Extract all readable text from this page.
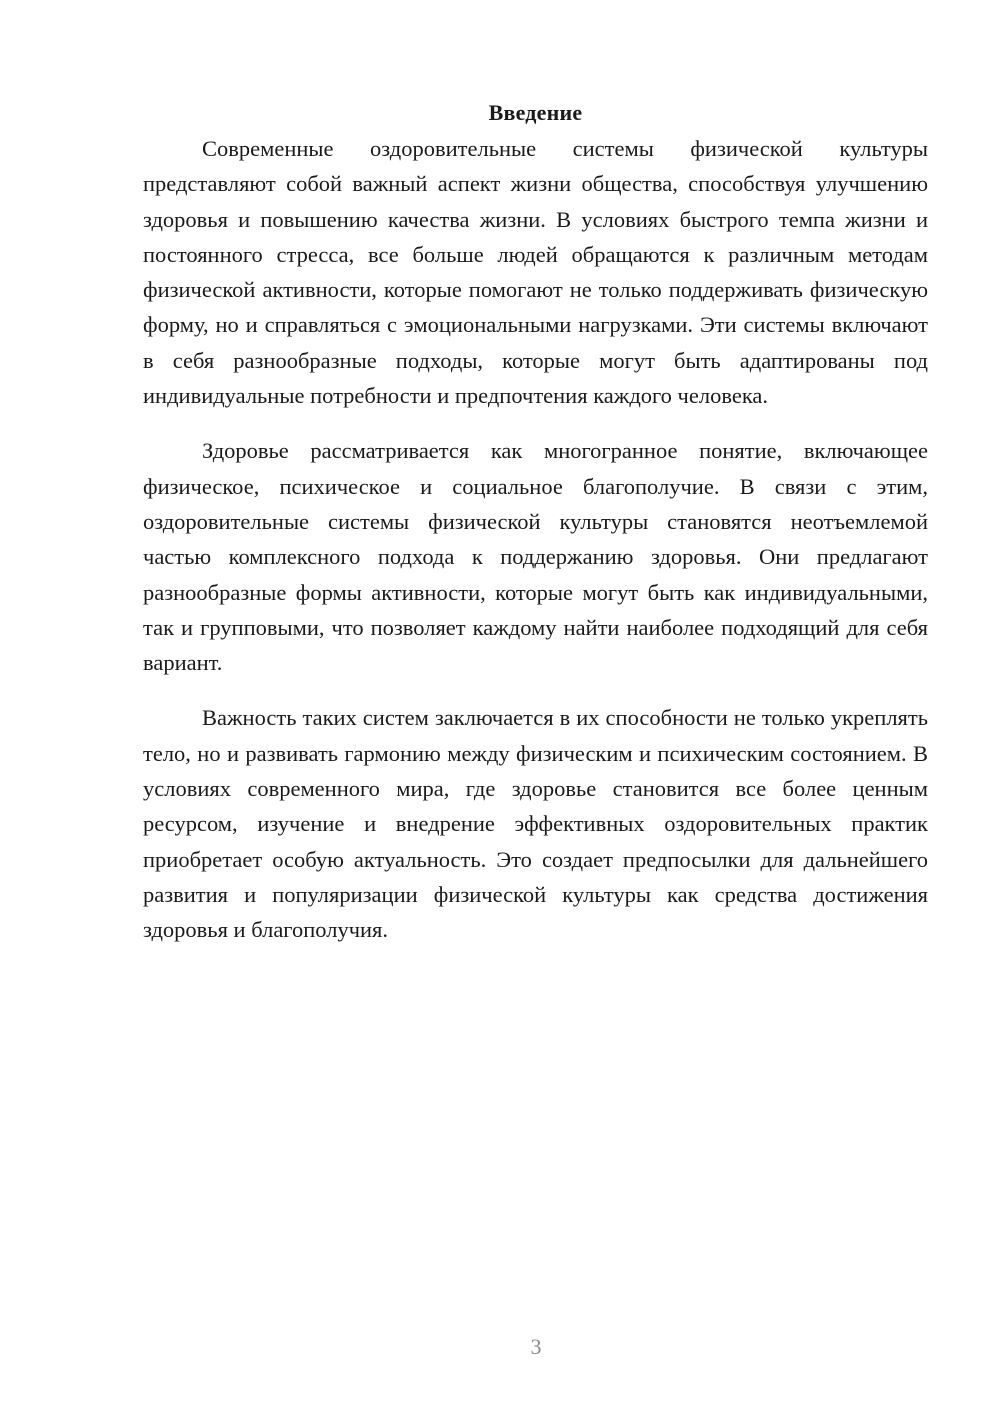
Введение

Современные оздоровительные системы физической культуры представляют собой важный аспект жизни общества, способствуя улучшению здоровья и повышению качества жизни. В условиях быстрого темпа жизни и постоянного стресса, все больше людей обращаются к различным методам физической активности, которые помогают не только поддерживать физическую форму, но и справляться с эмоциональными нагрузками. Эти системы включают в себя разнообразные подходы, которые могут быть адаптированы под индивидуальные потребности и предпочтения каждого человека.

Здоровье рассматривается как многогранное понятие, включающее физическое, психическое и социальное благополучие. В связи с этим, оздоровительные системы физической культуры становятся неотъемлемой частью комплексного подхода к поддержанию здоровья. Они предлагают разнообразные формы активности, которые могут быть как индивидуальными, так и групповыми, что позволяет каждому найти наиболее подходящий для себя вариант.

Важность таких систем заключается в их способности не только укреплять тело, но и развивать гармонию между физическим и психическим состоянием. В условиях современного мира, где здоровье становится все более ценным ресурсом, изучение и внедрение эффективных оздоровительных практик приобретает особую актуальность. Это создает предпосылки для дальнейшего развития и популяризации физической культуры как средства достижения здоровья и благополучия.

3
